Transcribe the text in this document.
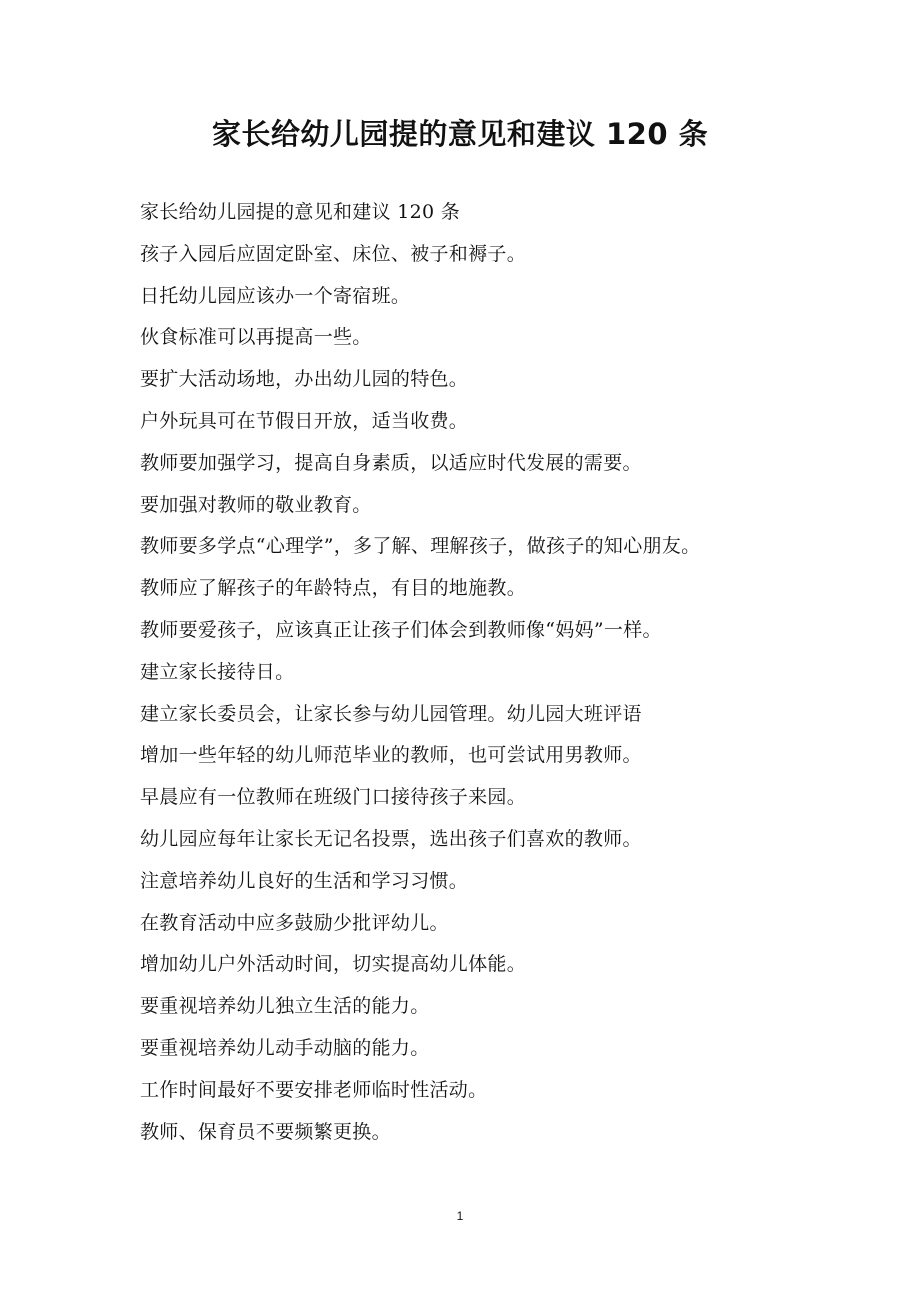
家长给幼儿园提的意见和建议 120 条
家长给幼儿园提的意见和建议 120 条
孩子入园后应固定卧室、床位、被子和褥子。
日托幼儿园应该办一个寄宿班。
伙食标准可以再提高一些。
要扩大活动场地，办出幼儿园的特色。
户外玩具可在节假日开放，适当收费。
教师要加强学习，提高自身素质，以适应时代发展的需要。
要加强对教师的敬业教育。
教师要多学点“心理学”，多了解、理解孩子，做孩子的知心朋友。
教师应了解孩子的年龄特点，有目的地施教。
教师要爱孩子，应该真正让孩子们体会到教师像“妈妈”一样。
建立家长接待日。
建立家长委员会，让家长参与幼儿园管理。幼儿园大班评语
增加一些年轻的幼儿师范毕业的教师，也可尝试用男教师。
早晨应有一位教师在班级门口接待孩子来园。
幼儿园应每年让家长无记名投票，选出孩子们喜欢的教师。
注意培养幼儿良好的生活和学习习惯。
在教育活动中应多鼓励少批评幼儿。
增加幼儿户外活动时间，切实提高幼儿体能。
要重视培养幼儿独立生活的能力。
要重视培养幼儿动手动脑的能力。
工作时间最好不要安排老师临时性活动。
教师、保育员不要频繁更换。
1
